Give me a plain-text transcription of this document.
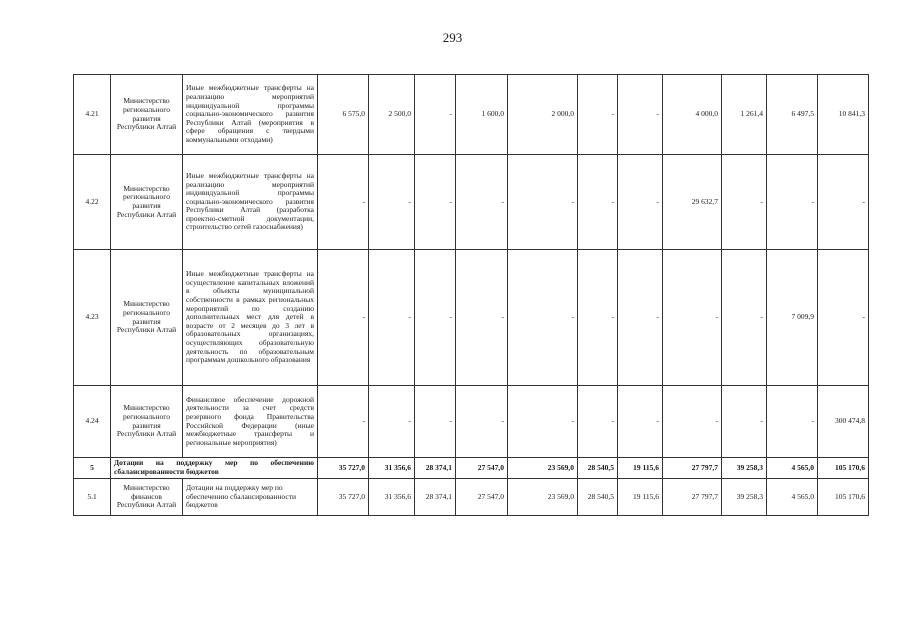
293
4.21	Министерство регионального развития Республики Алтай	Иные межбюджетные трансферты на реализацию мероприятий индивидуальной программы социально-экономического развития Республики Алтай (мероприятия в сфере обращения с твердыми коммунальными отходами)	6 575,0	2 500,0	-	1 600,0	2 000,0	-	-	4 000,0	1 261,4	6 497,5	10 841,3
4.22	Министерство регионального развития Республики Алтай	Иные межбюджетные трансферты на реализацию мероприятий индивидуальной программы социально-экономического развития Республики Алтай (разработка проектно-сметной документации, строительство сетей газоснабжения)	-	-	-	-	-	-	-	29 632,7	-	-	-
4.23	Министерство регионального развития Республики Алтай	Иные межбюджетные трансферты на осуществление капитальных вложений в объекты муниципальной собственности в рамках региональных мероприятий по созданию дополнительных мест для детей в возрасте от 2 месяцев до 3 лет в образовательных организациях, осуществляющих образовательную деятельность по образовательным программам дошкольного образования	-	-	-	-	-	-	-	-	-	7 009,9	-
4.24	Министерство регионального развития Республики Алтай	Финансовое обеспечение дорожной деятельности за счет средств резервного фонда Правительства Российской Федерации (иные межбюджетные трансферты и региональные мероприятия)	-	-	-	-	-	-	-	-	-	-	300 474,8
5	Дотации на поддержку мер по обеспечению сбалансированности бюджетов		35 727,0	31 356,6	28 374,1	27 547,0	23 569,0	28 540,5	19 115,6	27 797,7	39 258,3	4 565,0	105 170,6
5.1	Министерство финансов Республики Алтай	Дотации на поддержку мер по обеспечению сбалансированности бюджетов	35 727,0	31 356,6	28 374,1	27 547,0	23 569,0	28 540,5	19 115,6	27 797,7	39 258,3	4 565,0	105 170,6
